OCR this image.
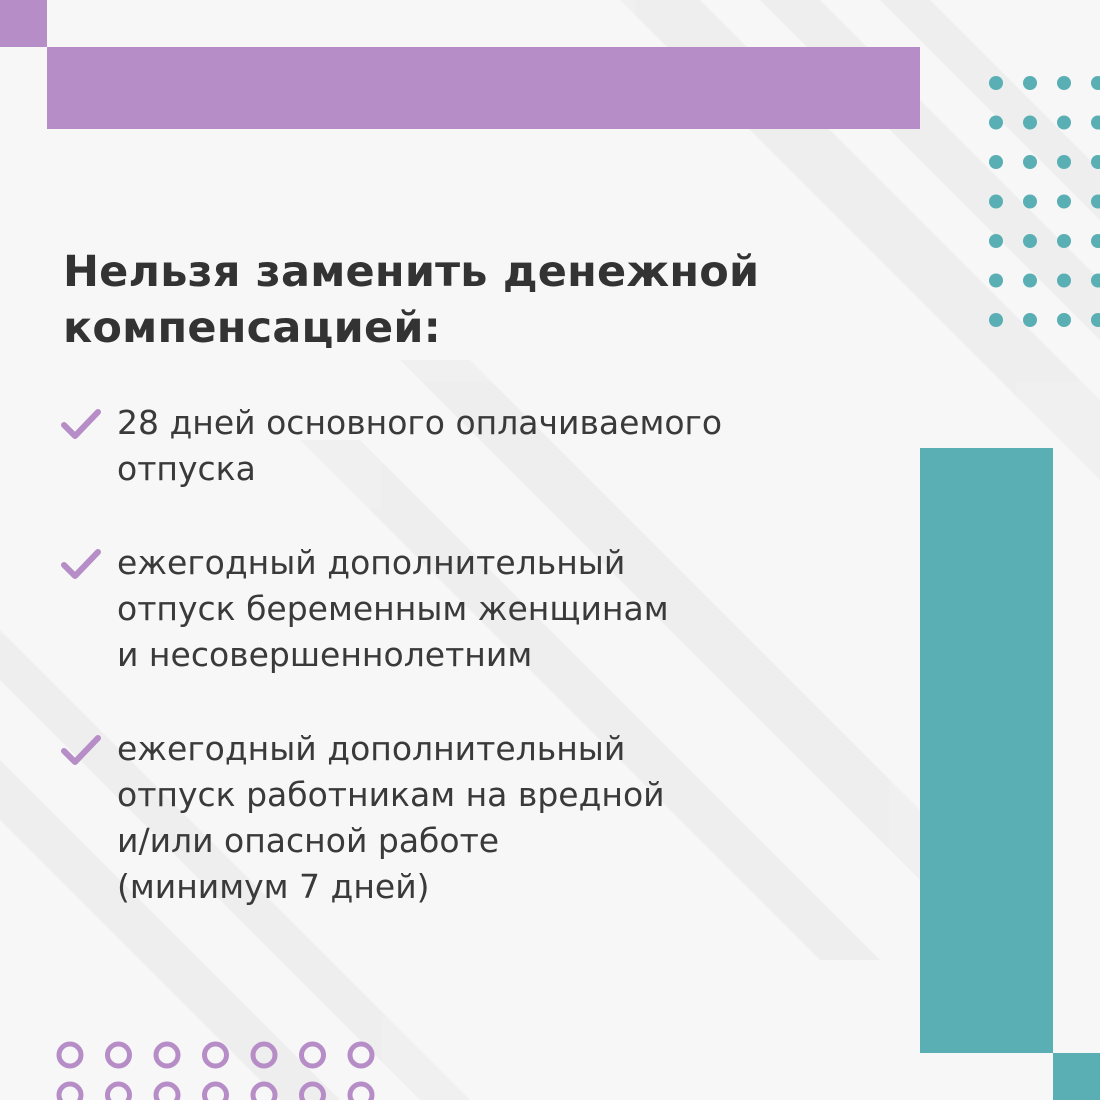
Нельзя заменить денежной
компенсацией:
28 дней основного оплачиваемого
отпуска
ежегодный дополнительный
отпуск беременным женщинам
и несовершеннолетним
ежегодный дополнительный
отпуск работникам на вредной
и/или опасной работе
(минимум 7 дней)
